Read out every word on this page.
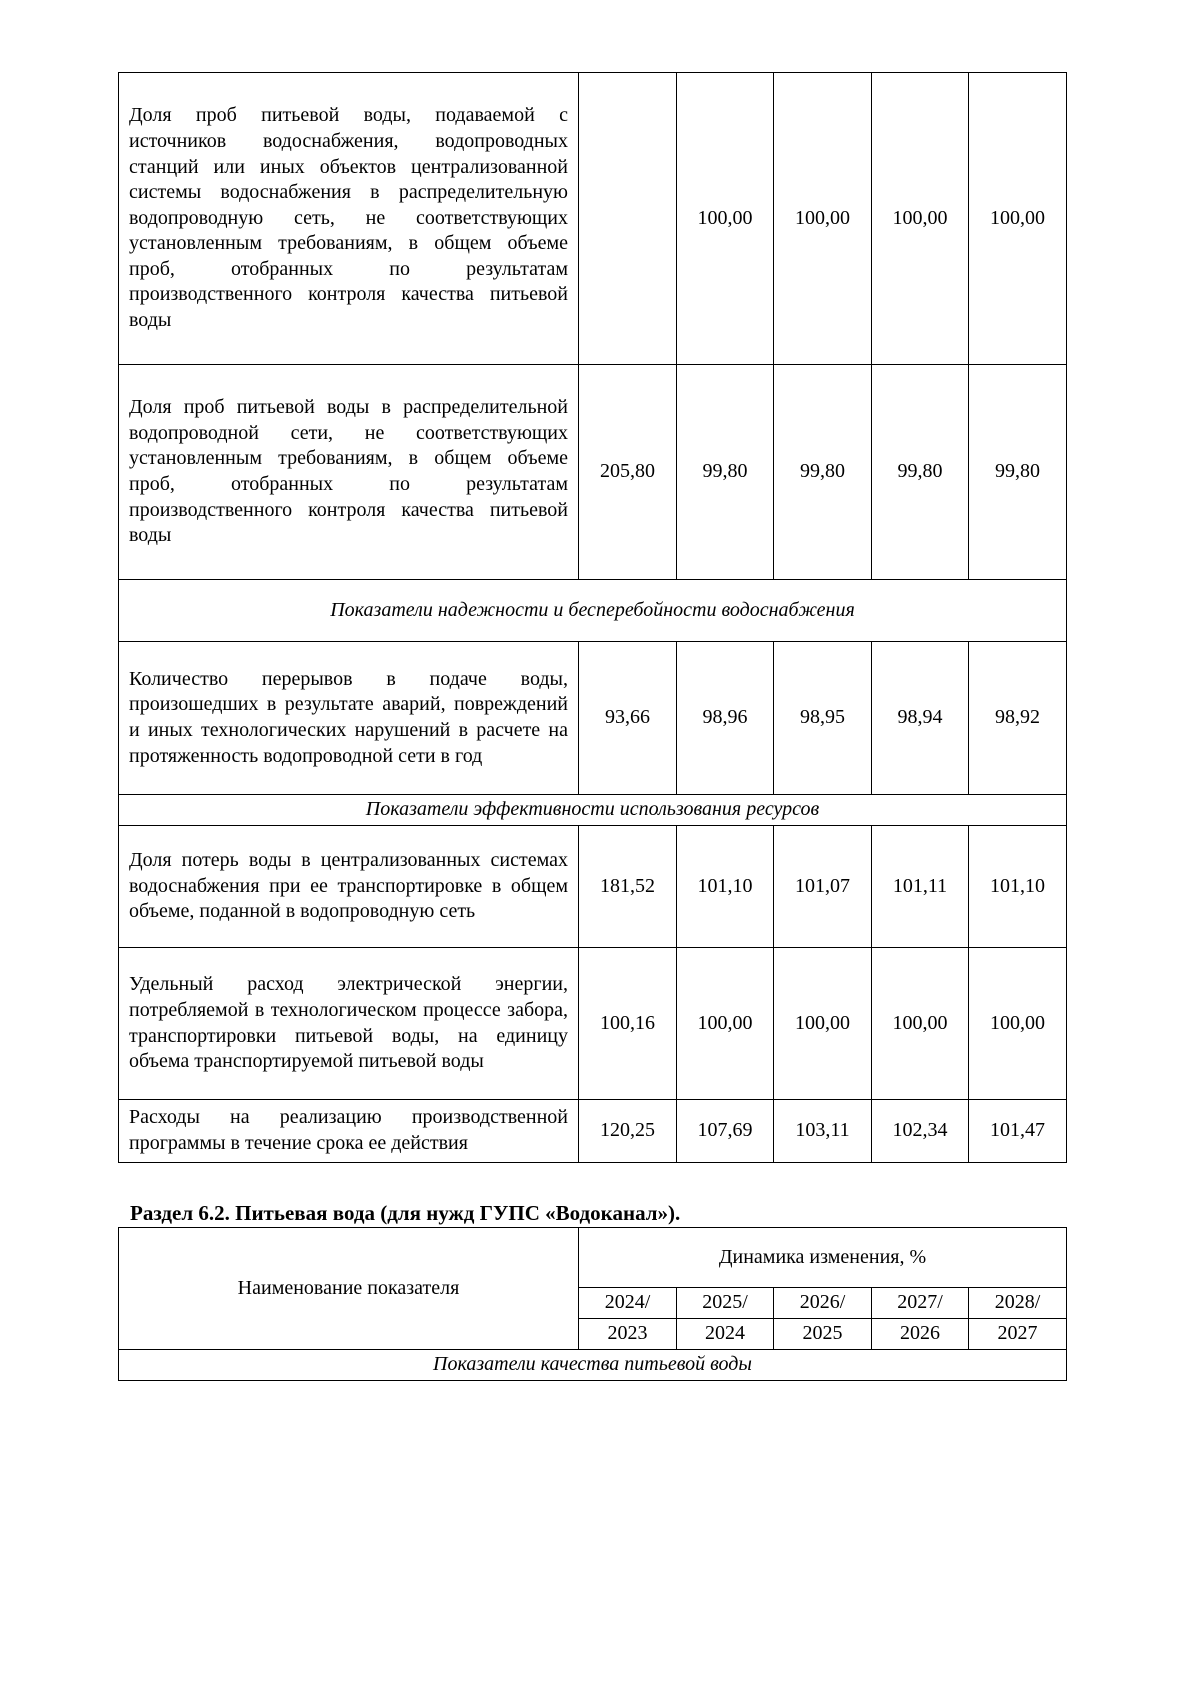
Доля проб питьевой воды, подаваемой с источников водоснабжения, водопроводных станций или иных объектов централизованной системы водоснабжения в распределительную водопроводную сеть, не соответствующих установленным требованиям, в общем объеме проб, отобранных по результатам производственного контроля качества питьевой воды		100,00	100,00	100,00	100,00
Доля проб питьевой воды в распределительной водопроводной сети, не соответствующих установленным требованиям, в общем объеме проб, отобранных по результатам производственного контроля качества питьевой воды	205,80	99,80	99,80	99,80	99,80
Показатели надежности и бесперебойности водоснабжения					
Количество перерывов в подаче воды, произошедших в результате аварий, повреждений и иных технологических нарушений в расчете на протяженность водопроводной сети в год	93,66	98,96	98,95	98,94	98,92
Показатели эффективности использования ресурсов					
Доля потерь воды в централизованных системах водоснабжения при ее транспортировке в общем объеме, поданной в водопроводную сеть	181,52	101,10	101,07	101,11	101,10
Удельный расход электрической энергии, потребляемой в технологическом процессе забора, транспортировки питьевой воды, на единицу объема транспортируемой питьевой воды	100,16	100,00	100,00	100,00	100,00
Расходы на реализацию производственной программы в течение срока ее действия	120,25	107,69	103,11	102,34	101,47

Раздел 6.2. Питьевая вода (для нужд ГУПС «Водоканал»).

Наименование показателя	Динамика изменения, %				
	2024/	2025/	2026/	2027/	2028/
	2023	2024	2025	2026	2027
Показатели качества питьевой воды					
